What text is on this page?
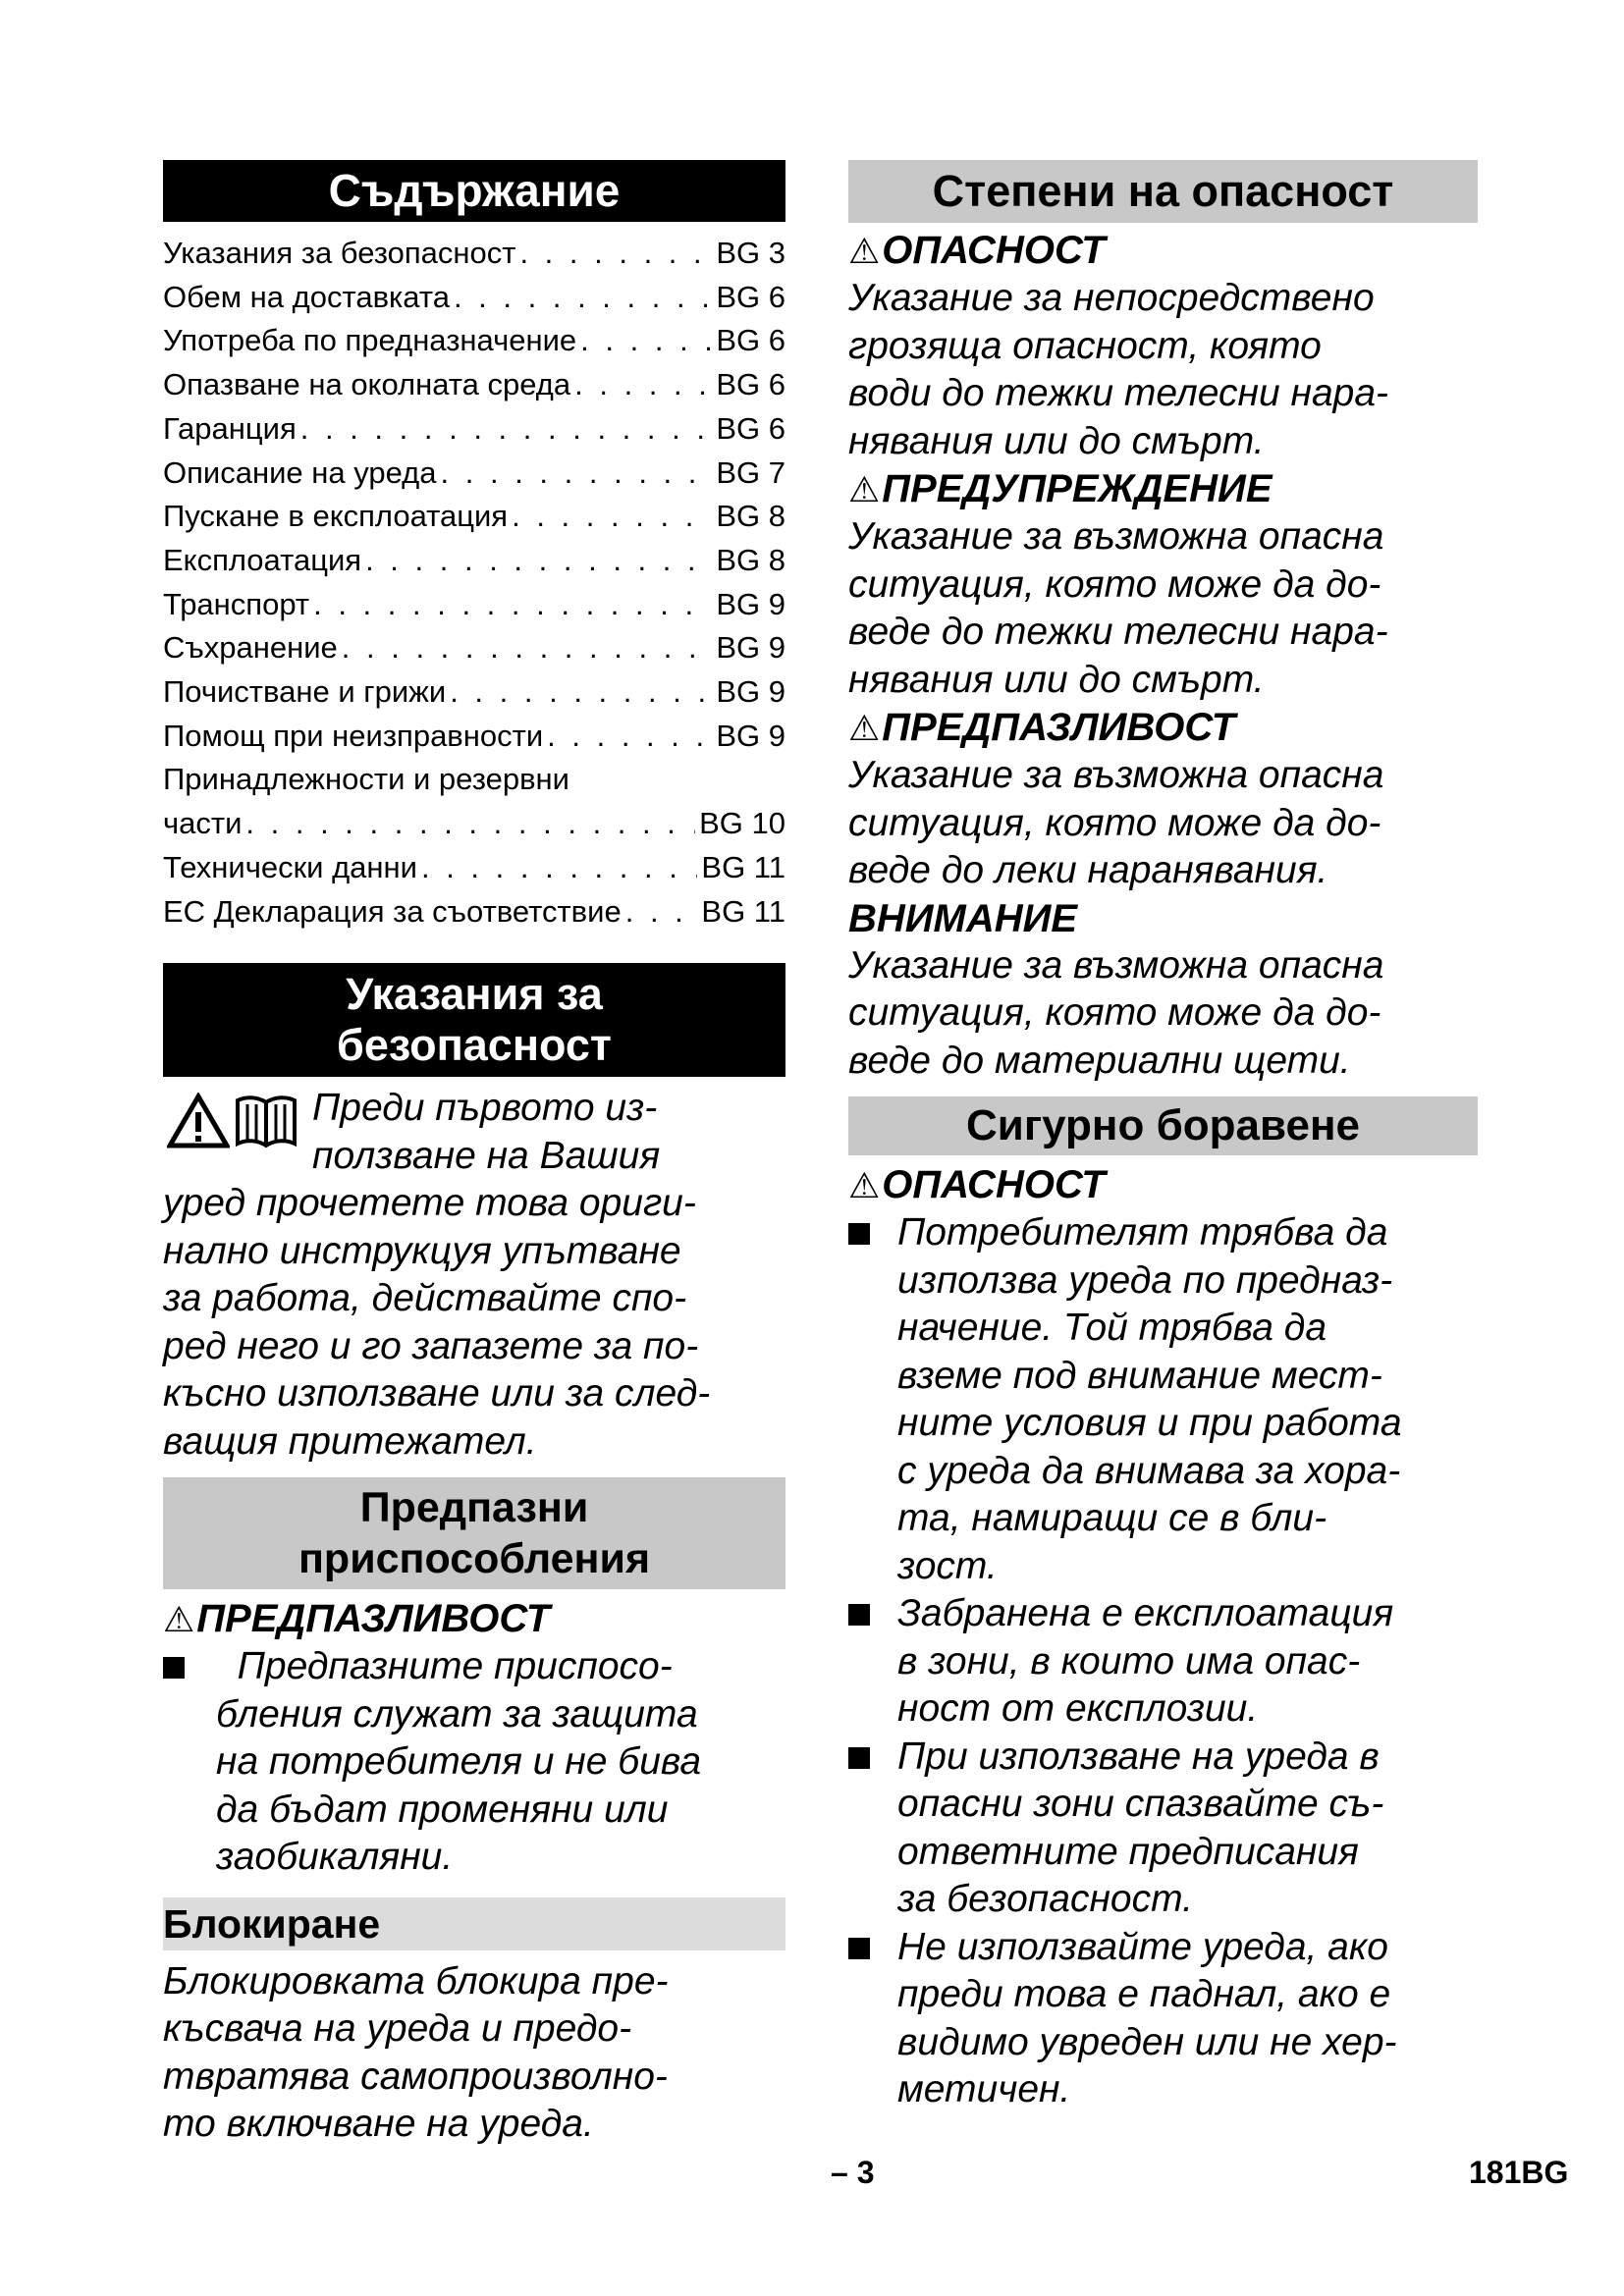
Съдържание
Указания за безопасност . . .	BG 3
Обем на доставката . . .	BG 6
Употреба по предназначение . . .	BG 6
Опазване на околната среда . . .	BG 6
Гаранция . . .	BG 6
Описание на уреда . . .	BG 7
Пускане в експлоатация . . .	BG 8
Експлоатация . . .	BG 8
Транспорт . . .	BG 9
Съхранение . . .	BG 9
Почистване и грижи . . .	BG 9
Помощ при неизправности . . .	BG 9
Принадлежности и резервни
части . . .	BG 10
Технически данни . . .	BG 11
ЕС Декларация за съответствие . . .	BG 11
Указания за
безопасност
Преди първото из-
ползване на Вашия
уред прочетете това ориги-
нално инструкцуя упътване
за работа, действайте спо-
ред него и го запазете за по-
късно използване или за след-
ващия притежател.
Предпазни
приспособления
⚠ ПРЕДПАЗЛИВОСТ
Предпазните приспосо-
бления служат за защита
на потребителя и не бива
да бъдат променяни или
заобикаляни.
Блокиране
Блокировката блокира пре-
късвача на уреда и предо-
твратява самопроизволно-
то включване на уреда.
Степени на опасност
⚠ ОПАСНОСТ
Указание за непосредствено
грозяща опасност, която
води до тежки телесни нара-
нявания или до смърт.
⚠ ПРЕДУПРЕЖДЕНИЕ
Указание за възможна опасна
ситуация, която може да до-
веде до тежки телесни нара-
нявания или до смърт.
⚠ ПРЕДПАЗЛИВОСТ
Указание за възможна опасна
ситуация, която може да до-
веде до леки наранявания.
ВНИМАНИЕ
Указание за възможна опасна
ситуация, която може да до-
веде до материални щети.
Сигурно боравене
⚠ ОПАСНОСТ
Потребителят трябва да
използва уреда по предназ-
начение. Той трябва да
вземе под внимание мест-
ните условия и при работа
с уреда да внимава за хора-
та, намиращи се в бли-
зост.
Забранена е експлоатация
в зони, в които има опас-
ност от експлозии.
При използване на уреда в
опасни зони спазвайте съ-
ответните предписания
за безопасност.
Не използвайте уреда, ако
преди това е паднал, ако е
видимо увреден или не хер-
метичен.
– 3	181BG
